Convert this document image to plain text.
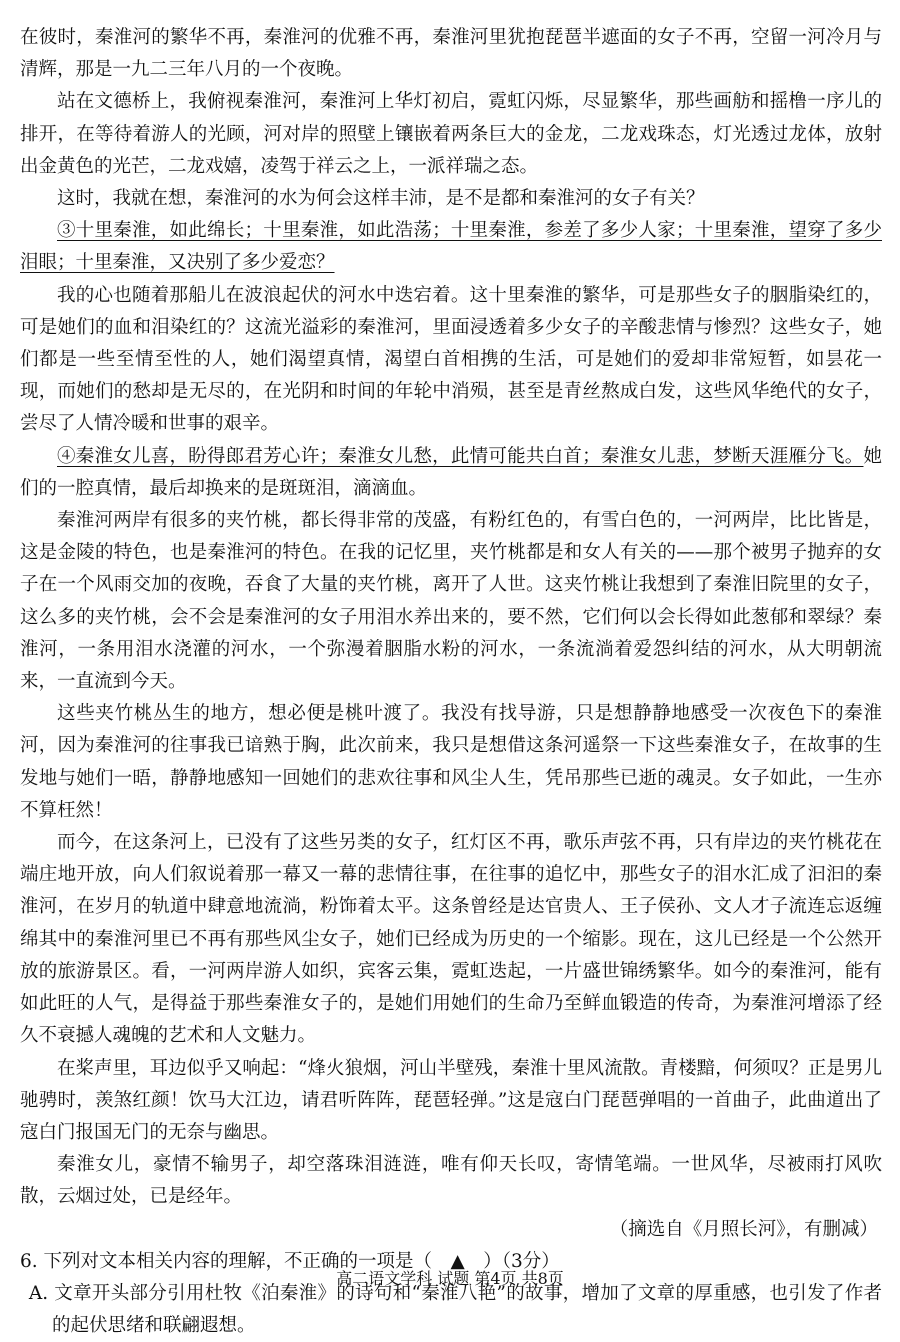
在彼时，秦淮河的繁华不再，秦淮河的优雅不再，秦淮河里犹抱琵琶半遮面的女子不再，空留一河冷月与清辉，那是一九二三年八月的一个夜晚。

站在文德桥上，我俯视秦淮河，秦淮河上华灯初启，霓虹闪烁，尽显繁华，那些画舫和摇橹一序儿的排开，在等待着游人的光顾，河对岸的照壁上镶嵌着两条巨大的金龙，二龙戏珠态，灯光透过龙体，放射出金黄色的光芒，二龙戏嬉，凌驾于祥云之上，一派祥瑞之态。

这时，我就在想，秦淮河的水为何会这样丰沛，是不是都和秦淮河的女子有关？

③十里秦淮，如此绵长；十里秦淮，如此浩荡；十里秦淮，参差了多少人家；十里秦淮，望穿了多少泪眼；十里秦淮，又决别了多少爱恋？

我的心也随着那船儿在波浪起伏的河水中迭宕着。这十里秦淮的繁华，可是那些女子的胭脂染红的，可是她们的血和泪染红的？这流光溢彩的秦淮河，里面浸透着多少女子的辛酸悲情与惨烈？这些女子，她们都是一些至情至性的人，她们渴望真情，渴望白首相携的生活，可是她们的爱却非常短暂，如昙花一现，而她们的愁却是无尽的，在光阴和时间的年轮中消殒，甚至是青丝熬成白发，这些风华绝代的女子，尝尽了人情冷暖和世事的艰辛。

④秦淮女儿喜，盼得郎君芳心许；秦淮女儿愁，此情可能共白首；秦淮女儿悲，梦断天涯雁分飞。她们的一腔真情，最后却换来的是斑斑泪，滴滴血。

秦淮河两岸有很多的夹竹桃，都长得非常的茂盛，有粉红色的，有雪白色的，一河两岸，比比皆是，这是金陵的特色，也是秦淮河的特色。在我的记忆里，夹竹桃都是和女人有关的——那个被男子抛弃的女子在一个风雨交加的夜晚，吞食了大量的夹竹桃，离开了人世。这夹竹桃让我想到了秦淮旧院里的女子，这么多的夹竹桃，会不会是秦淮河的女子用泪水养出来的，要不然，它们何以会长得如此葱郁和翠绿？秦淮河，一条用泪水浇灌的河水，一个弥漫着胭脂水粉的河水，一条流淌着爱怨纠结的河水，从大明朝流来，一直流到今天。

这些夹竹桃丛生的地方，想必便是桃叶渡了。我没有找导游，只是想静静地感受一次夜色下的秦淮河，因为秦淮河的往事我已谙熟于胸，此次前来，我只是想借这条河遥祭一下这些秦淮女子，在故事的生发地与她们一晤，静静地感知一回她们的悲欢往事和风尘人生，凭吊那些已逝的魂灵。女子如此，一生亦不算枉然！

而今，在这条河上，已没有了这些另类的女子，红灯区不再，歌乐声弦不再，只有岸边的夹竹桃花在端庄地开放，向人们叙说着那一幕又一幕的悲情往事，在往事的追忆中，那些女子的泪水汇成了汩汩的秦淮河，在岁月的轨道中肆意地流淌，粉饰着太平。这条曾经是达官贵人、王子侯孙、文人才子流连忘返缠绵其中的秦淮河里已不再有那些风尘女子，她们已经成为历史的一个缩影。现在，这儿已经是一个公然开放的旅游景区。看，一河两岸游人如织，宾客云集，霓虹迭起，一片盛世锦绣繁华。如今的秦淮河，能有如此旺的人气，是得益于那些秦淮女子的，是她们用她们的生命乃至鲜血锻造的传奇，为秦淮河增添了经久不衰撼人魂魄的艺术和人文魅力。

在桨声里，耳边似乎又响起：“烽火狼烟，河山半壁残，秦淮十里风流散。青楼黯，何须叹？正是男儿驰骋时，羡煞红颜！饮马大江边，请君听阵阵，琵琶轻弹。”这是寇白门琵琶弹唱的一首曲子，此曲道出了寇白门报国无门的无奈与幽思。

秦淮女儿，豪情不输男子，却空落珠泪涟涟，唯有仰天长叹，寄情笔端。一世风华，尽被雨打风吹散，云烟过处，已是经年。

（摘选自《月照长河》，有删减）

6. 下列对文本相关内容的理解，不正确的一项是（　▲　）（3分）

A. 文章开头部分引用杜牧《泊秦淮》的诗句和“秦淮八艳”的故事，增加了文章的厚重感，也引发了作者的起伏思绪和联翩遐想。

高二语文学科 试题 第4页 共8页
